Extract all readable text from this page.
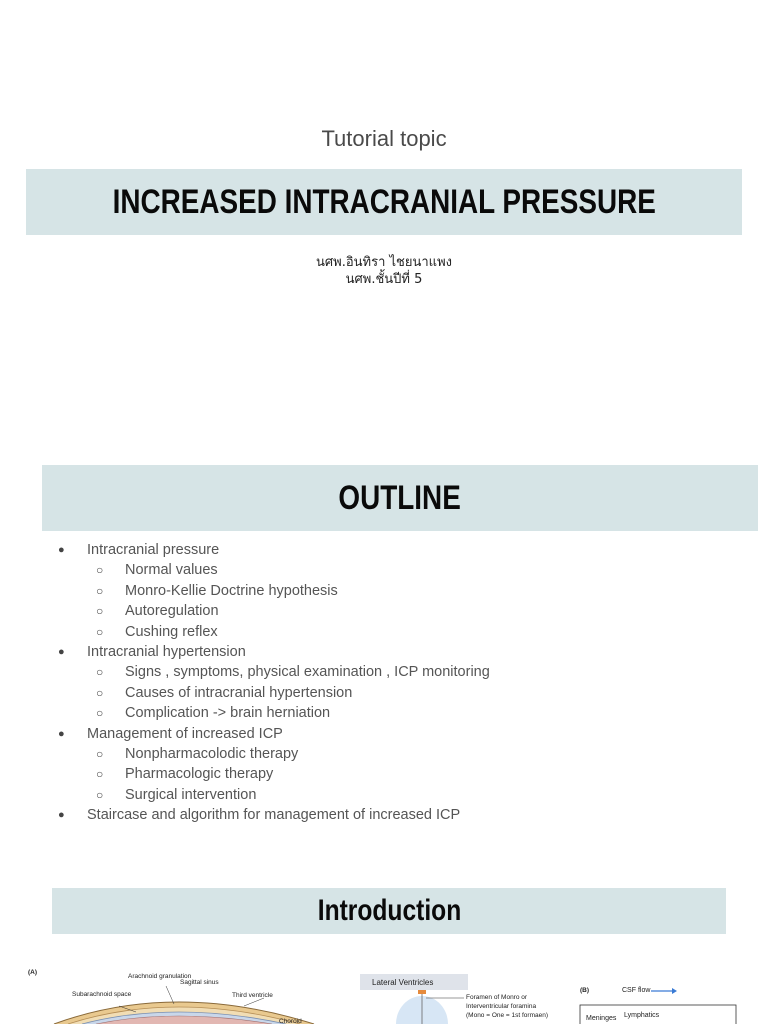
Tutorial topic
INCREASED INTRACRANIAL PRESSURE
นศพ.อินทิรา ไชยนาแพง
นศพ.ชั้นปีที่ 5
OUTLINE
● Intracranial pressure
○ Normal values
○ Monro-Kellie Doctrine hypothesis
○ Autoregulation
○ Cushing reflex
● Intracranial hypertension
○ Signs , symptoms, physical examination , ICP monitoring
○ Causes of intracranial hypertension
○ Complication -> brain herniation
● Management of increased ICP
○ Nonpharmacolodic therapy
○ Pharmacologic therapy
○ Surgical intervention
● Staircase and algorithm for management of increased ICP
Introduction
(A)
Arachnoid granulation
Sagittal sinus
Subarachnoid space	Third ventricle
Choroid
Lateral Ventricles
Foramen of Monro or
Interventricular foramina
(Mono = One = 1st formaen)
(B)	CSF flow
Meninges Lymphatics
